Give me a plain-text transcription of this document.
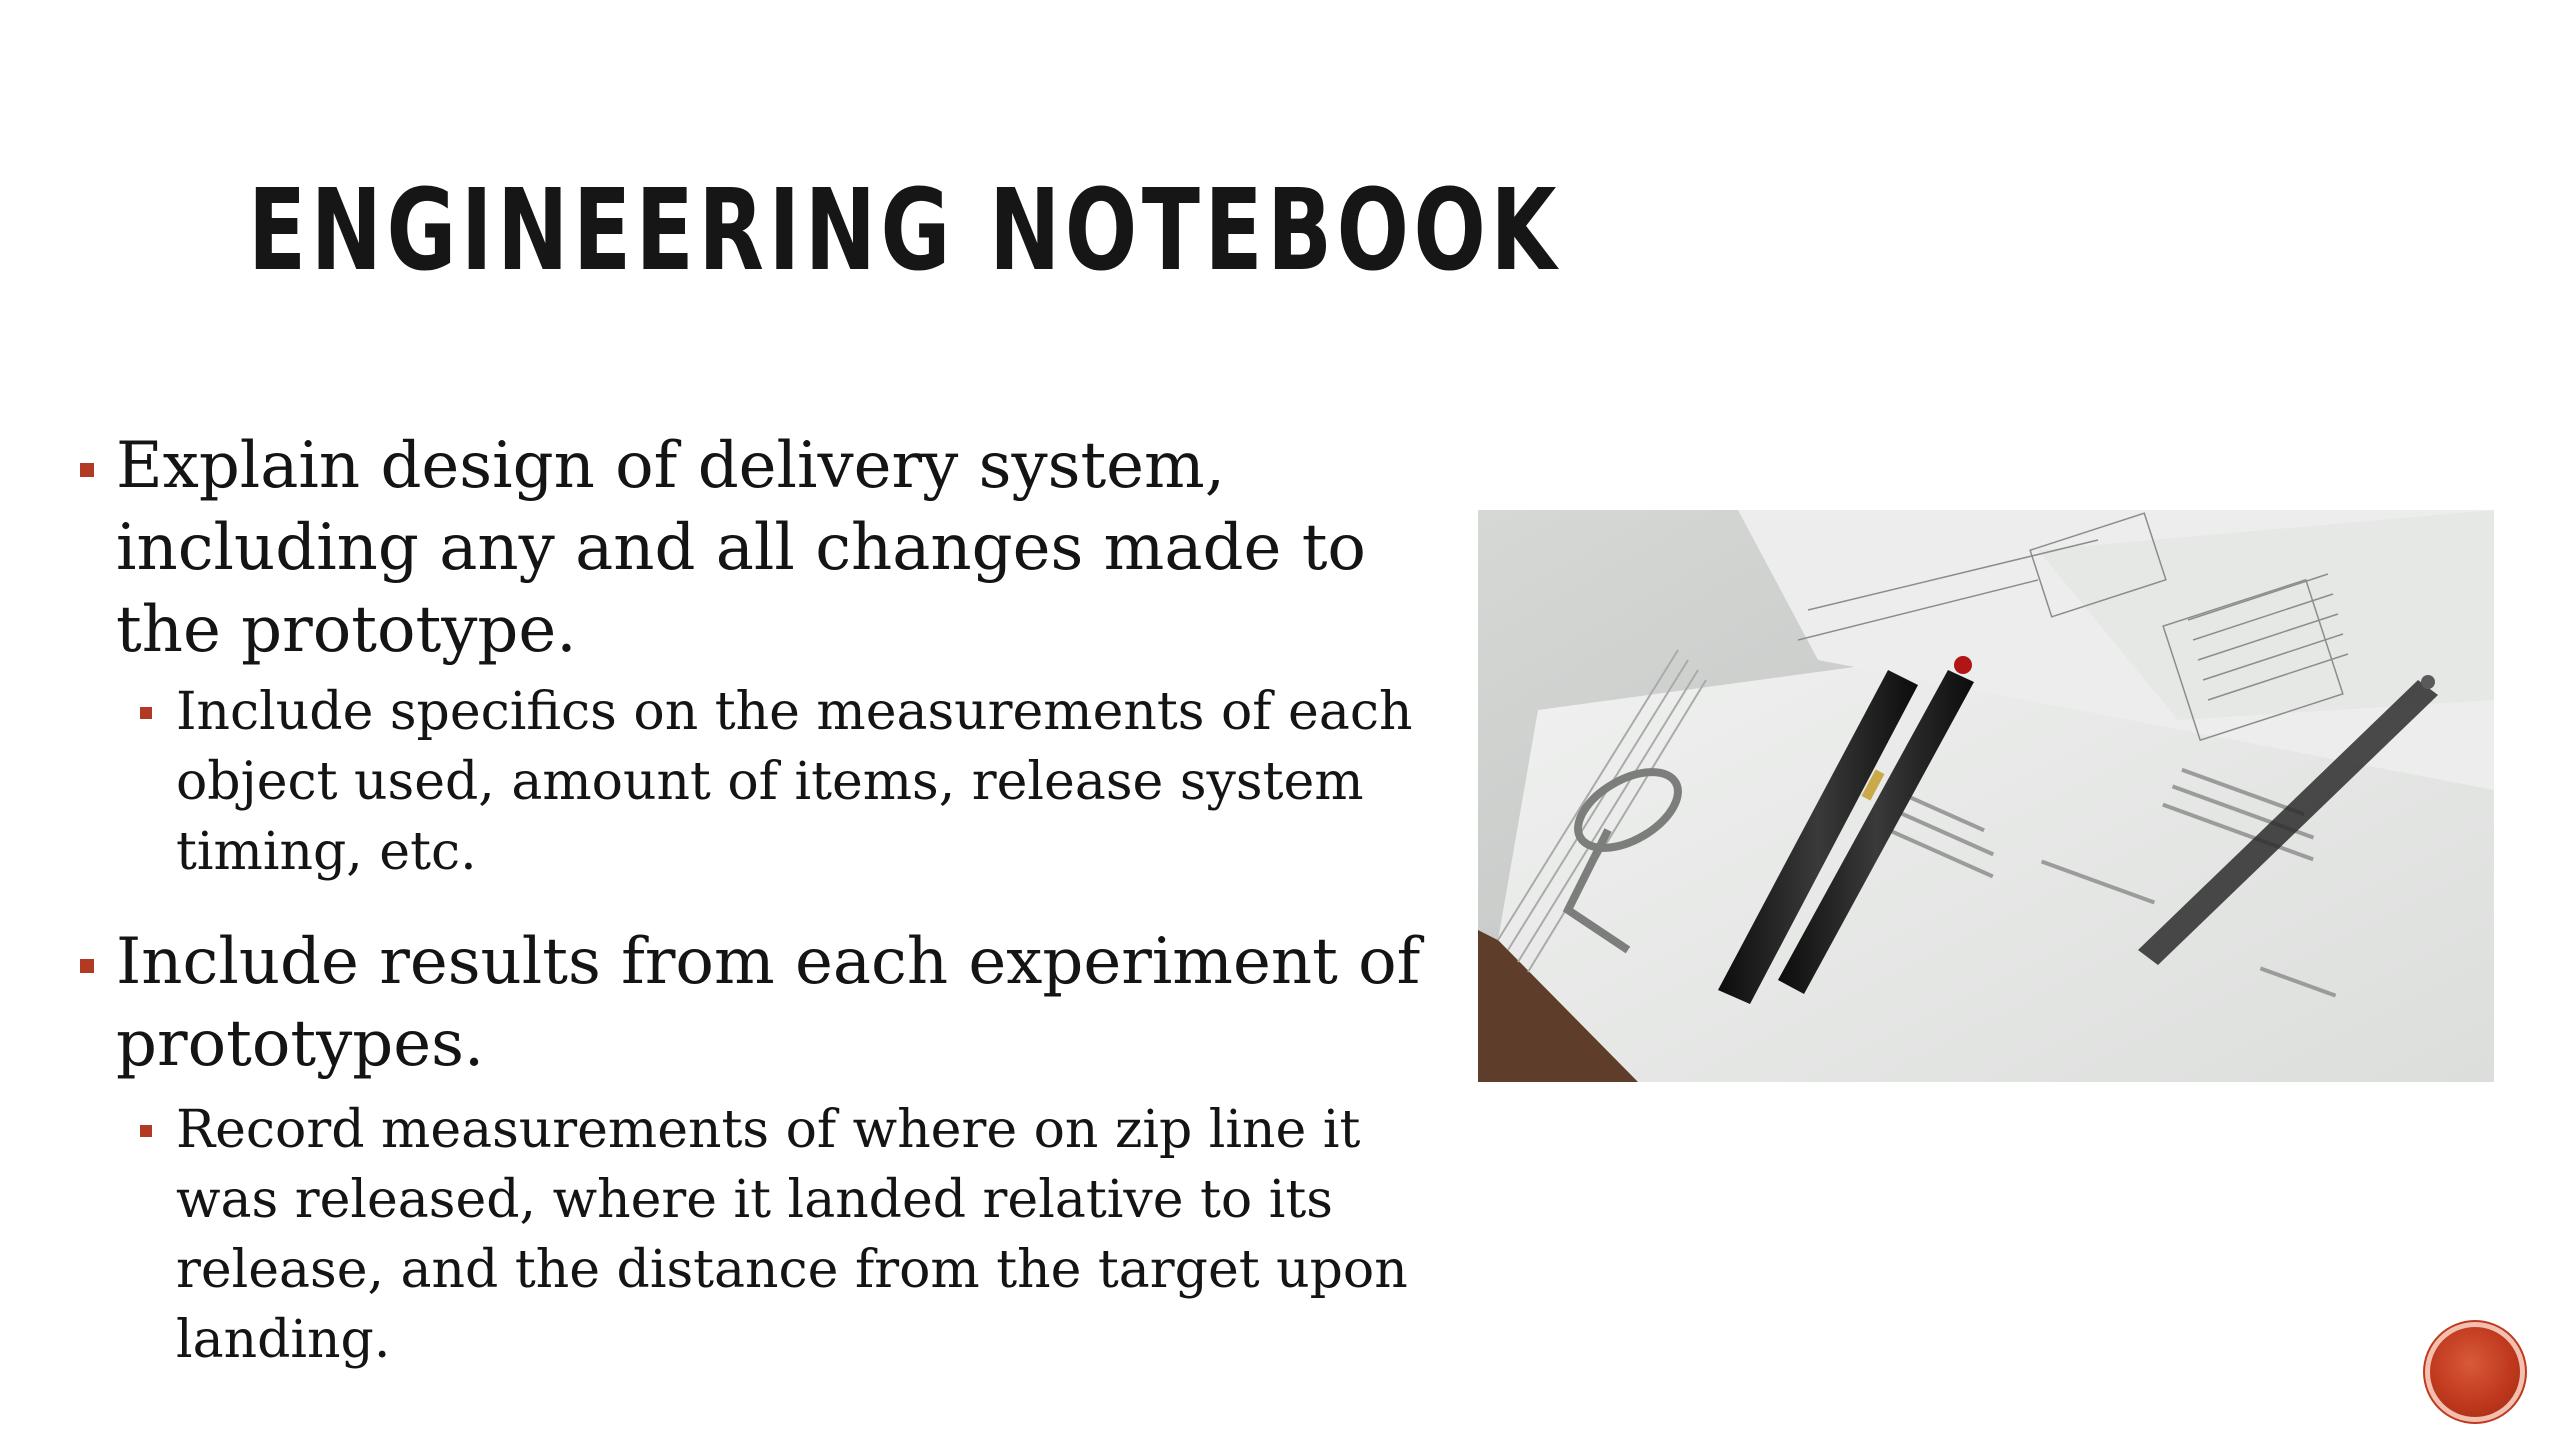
ENGINEERING NOTEBOOK
Explain design of delivery system, including any and all changes made to the prototype.
Include specifics on the measurements of each object used, amount of items, release system timing, etc.
Include results from each experiment of prototypes.
Record measurements of where on zip line it was released, where it landed relative to its release, and the distance from the target upon landing.
